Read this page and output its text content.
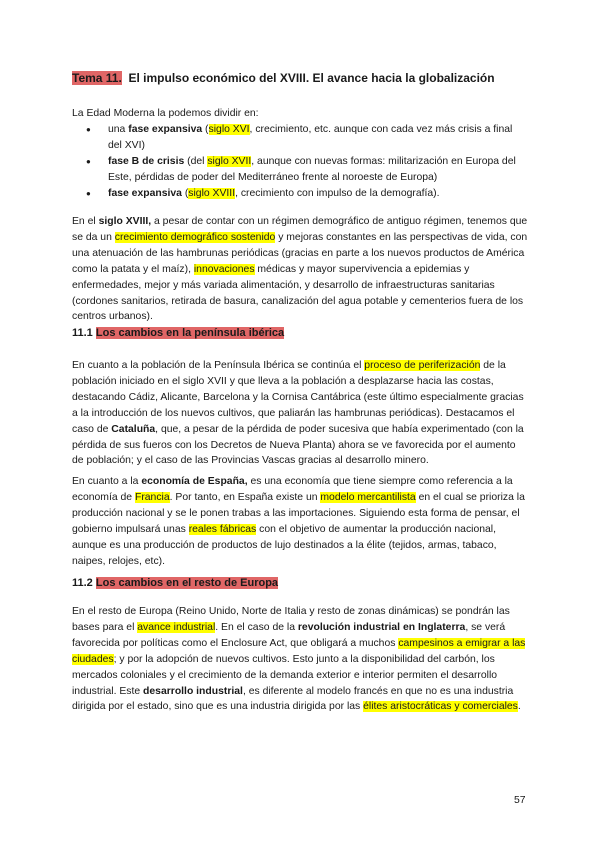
Tema 11. El impulso económico del XVIII. El avance hacia la globalización

La Edad Moderna la podemos dividir en:

● una fase expansiva (siglo XVI, crecimiento, etc. aunque con cada vez más crisis a final del XVI)
● fase B de crisis (del siglo XVII, aunque con nuevas formas: militarización en Europa del Este, pérdidas de poder del Mediterráneo frente al noroeste de Europa)
● fase expansiva (siglo XVIII, crecimiento con impulso de la demografía).

En el siglo XVIII, a pesar de contar con un régimen demográfico de antiguo régimen, tenemos que se da un crecimiento demográfico sostenido y mejoras constantes en las perspectivas de vida, con una atenuación de las hambrunas periódicas (gracias en parte a los nuevos productos de América como la patata y el maíz), innovaciones médicas y mayor supervivencia a epidemias y enfermedades, mejor y más variada alimentación, y desarrollo de infraestructuras sanitarias (cordones sanitarios, retirada de basura, canalización del agua potable y cementerios fuera de los centros urbanos).

11.1 Los cambios en la península ibérica

En cuanto a la población de la Península Ibérica se continúa el proceso de periferización de la población iniciado en el siglo XVII y que lleva a la población a desplazarse hacia las costas, destacando Cádiz, Alicante, Barcelona y la Cornisa Cantábrica (este último especialmente gracias a la introducción de los nuevos cultivos, que paliarán las hambrunas periódicas). Destacamos el caso de Cataluña, que, a pesar de la pérdida de poder sucesiva que había experimentado (con la pérdida de sus fueros con los Decretos de Nueva Planta) ahora se ve favorecida por el aumento de población; y el caso de las Provincias Vascas gracias al desarrollo minero.

En cuanto a la economía de España, es una economía que tiene siempre como referencia a la economía de Francia. Por tanto, en España existe un modelo mercantilista en el cual se prioriza la producción nacional y se le ponen trabas a las importaciones. Siguiendo esta forma de pensar, el gobierno impulsará unas reales fábricas con el objetivo de aumentar la producción nacional, aunque es una producción de productos de lujo destinados a la élite (tejidos, armas, tabaco, naipes, relojes, etc).

11.2 Los cambios en el resto de Europa

En el resto de Europa (Reino Unido, Norte de Italia y resto de zonas dinámicas) se pondrán las bases para el avance industrial. En el caso de la revolución industrial en Inglaterra, se verá favorecida por políticas como el Enclosure Act, que obligará a muchos campesinos a emigrar a las ciudades; y por la adopción de nuevos cultivos. Esto junto a la disponibilidad del carbón, los mercados coloniales y el crecimiento de la demanda exterior e interior permiten el desarrollo industrial. Este desarrollo industrial, es diferente al modelo francés en que no es una industria dirigida por el estado, sino que es una industria dirigida por las élites aristocráticas y comerciales.

57
